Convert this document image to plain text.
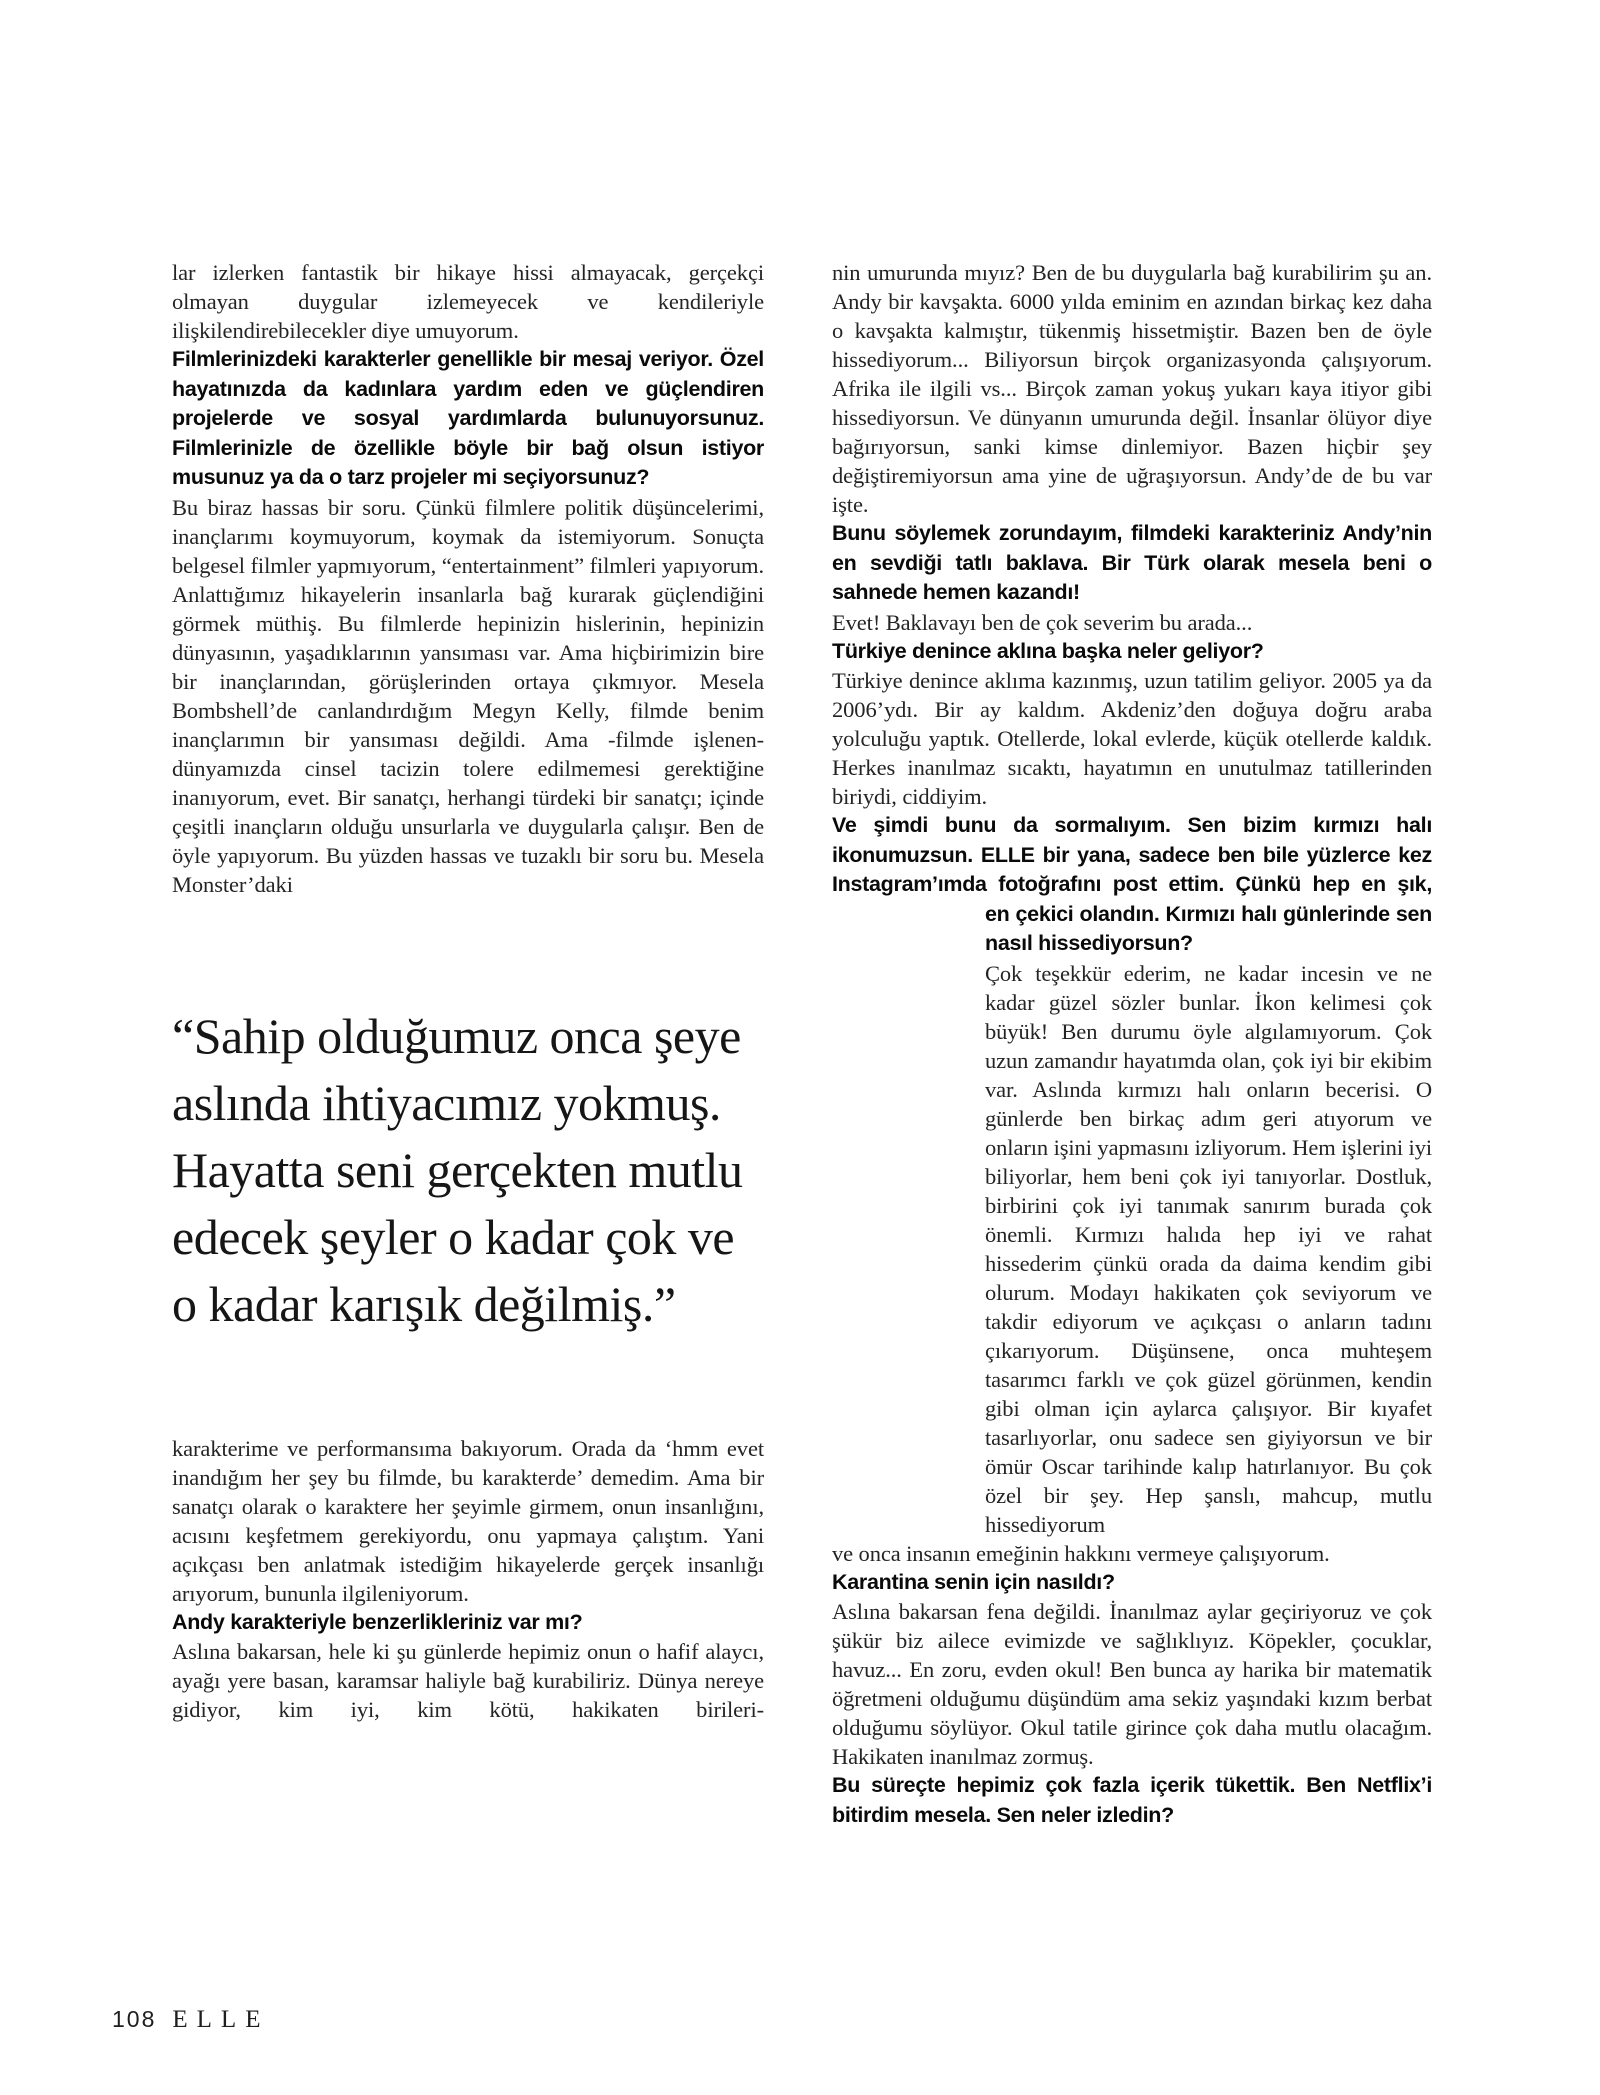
lar izlerken fantastik bir hikaye hissi almayacak, gerçekçi olmayan duygular izlemeyecek ve kendileriyle ilişkilendirebilecekler diye umuyorum.

Filmlerinizdeki karakterler genellikle bir mesaj veriyor. Özel hayatınızda da kadınlara yardım eden ve güçlendiren projelerde ve sosyal yardımlarda bulunuyorsunuz. Filmlerinizle de özellikle böyle bir bağ olsun istiyor musunuz ya da o tarz projeler mi seçiyorsunuz?

Bu biraz hassas bir soru. Çünkü filmlere politik düşüncelerimi, inançlarımı koymuyorum, koymak da istemiyorum. Sonuçta belgesel filmler yapmıyorum, “entertainment” filmleri yapıyorum. Anlattığımız hikayelerin insanlarla bağ kurarak güçlendiğini görmek müthiş. Bu filmlerde hepinizin hislerinin, hepinizin dünyasının, yaşadıklarının yansıması var. Ama hiçbirimizin bire bir inançlarından, görüşlerinden ortaya çıkmıyor. Mesela Bombshell’de canlandırdığım Megyn Kelly, filmde benim inançlarımın bir yansıması değildi. Ama -filmde işlenen- dünyamızda cinsel tacizin tolere edilmemesi gerektiğine inanıyorum, evet. Bir sanatçı, herhangi türdeki bir sanatçı; içinde çeşitli inançların olduğu unsurlarla ve duygularla çalışır. Ben de öyle yapıyorum. Bu yüzden hassas ve tuzaklı bir soru bu. Mesela Monster’daki

“Sahip olduğumuz onca şeye aslında ihtiyacımız yokmuş. Hayatta seni gerçekten mutlu edecek şeyler o kadar çok ve o kadar karışık değilmiş.”

karakterime ve performansıma bakıyorum. Orada da ‘hmm evet inandığım her şey bu filmde, bu karakterde’ demedim. Ama bir sanatçı olarak o karaktere her şeyimle girmem, onun insanlığını, acısını keşfetmem gerekiyordu, onu yapmaya çalıştım. Yani açıkçası ben anlatmak istediğim hikayelerde gerçek insanlığı arıyorum, bununla ilgileniyorum.

Andy karakteriyle benzerlikleriniz var mı?

Aslına bakarsan, hele ki şu günlerde hepimiz onun o hafif alaycı, ayağı yere basan, karamsar haliyle bağ kurabiliriz. Dünya nereye gidiyor, kim iyi, kim kötü, hakikaten birileri-

nin umurunda mıyız? Ben de bu duygularla bağ kurabilirim şu an. Andy bir kavşakta. 6000 yılda eminim en azından birkaç kez daha o kavşakta kalmıştır, tükenmiş hissetmiştir. Bazen ben de öyle hissediyorum... Biliyorsun birçok organizasyonda çalışıyorum. Afrika ile ilgili vs... Birçok zaman yokuş yukarı kaya itiyor gibi hissediyorsun. Ve dünyanın umurunda değil. İnsanlar ölüyor diye bağırıyorsun, sanki kimse dinlemiyor. Bazen hiçbir şey değiştiremiyorsun ama yine de uğraşıyorsun. Andy’de de bu var işte.

Bunu söylemek zorundayım, filmdeki karakteriniz Andy’nin en sevdiği tatlı baklava. Bir Türk olarak mesela beni o sahnede hemen kazandı!

Evet! Baklavayı ben de çok severim bu arada...

Türkiye denince aklına başka neler geliyor?

Türkiye denince aklıma kazınmış, uzun tatilim geliyor. 2005 ya da 2006’ydı. Bir ay kaldım. Akdeniz’den doğuya doğru araba yolculuğu yaptık. Otellerde, lokal evlerde, küçük otellerde kaldık. Herkes inanılmaz sıcaktı, hayatımın en unutulmaz tatillerinden biriydi, ciddiyim.

Ve şimdi bunu da sormalıyım. Sen bizim kırmızı halı ikonumuzsun. ELLE bir yana, sadece ben bile yüzlerce kez Instagram’ımda fotoğrafını post ettim. Çünkü hep en şık,

en çekici olandın. Kırmızı halı günlerinde sen nasıl hissediyorsun?

Çok teşekkür ederim, ne kadar incesin ve ne kadar güzel sözler bunlar. İkon kelimesi çok büyük! Ben durumu öyle algılamıyorum. Çok uzun zamandır hayatımda olan, çok iyi bir ekibim var. Aslında kırmızı halı onların becerisi. O günlerde ben birkaç adım geri atıyorum ve onların işini yapmasını izliyorum. Hem işlerini iyi biliyorlar, hem beni çok iyi tanıyorlar. Dostluk, birbirini çok iyi tanımak sanırım burada çok önemli. Kırmızı halıda hep iyi ve rahat hissederim çünkü orada da daima kendim gibi olurum. Modayı hakikaten çok seviyorum ve takdir ediyorum ve açıkçası o anların tadını çıkarıyorum. Düşünsene, onca muhteşem tasarımcı farklı ve çok güzel görünmen, kendin gibi olman için aylarca çalışıyor. Bir kıyafet tasarlıyorlar, onu sadece sen giyiyorsun ve bir ömür Oscar tarihinde kalıp hatırlanıyor. Bu çok özel bir şey. Hep şanslı, mahcup, mutlu hissediyorum

ve onca insanın emeğinin hakkını vermeye çalışıyorum.

Karantina senin için nasıldı?

Aslına bakarsan fena değildi. İnanılmaz aylar geçiriyoruz ve çok şükür biz ailece evimizde ve sağlıklıyız. Köpekler, çocuklar, havuz... En zoru, evden okul! Ben bunca ay harika bir matematik öğretmeni olduğumu düşündüm ama sekiz yaşındaki kızım berbat olduğumu söylüyor. Okul tatile girince çok daha mutlu olacağım. Hakikaten inanılmaz zormuş.

Bu süreçte hepimiz çok fazla içerik tükettik. Ben Netflix’i bitirdim mesela. Sen neler izledin?

108 ELLE
